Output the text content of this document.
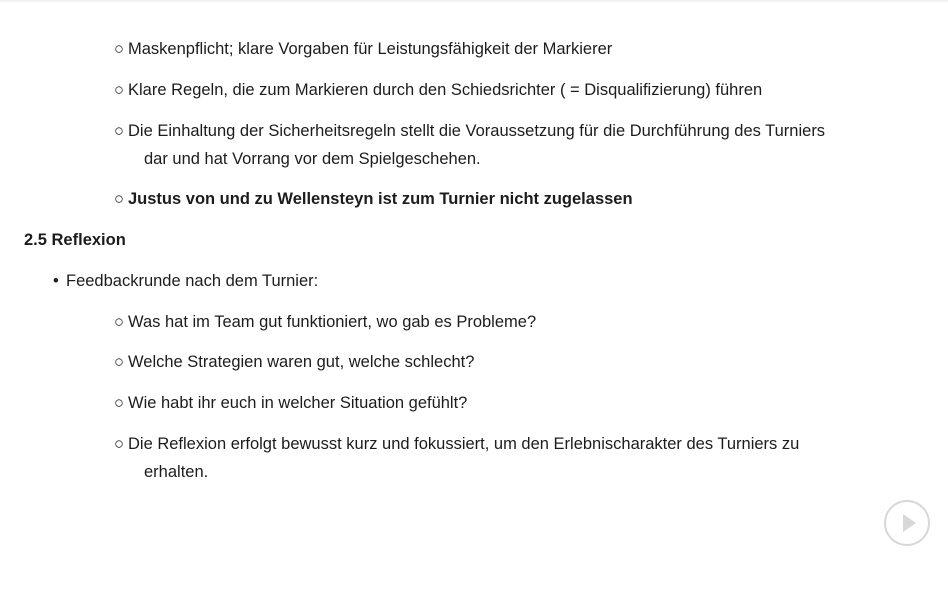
○ Maskenpflicht; klare Vorgaben für Leistungsfähigkeit der Markierer
○ Klare Regeln, die zum Markieren durch den Schiedsrichter ( = Disqualifizierung) führen
○ Die Einhaltung der Sicherheitsregeln stellt die Voraussetzung für die Durchführung des Turniers
dar und hat Vorrang vor dem Spielgeschehen.
○ Justus von und zu Wellensteyn ist zum Turnier nicht zugelassen
2.5 Reflexion
• Feedbackrunde nach dem Turnier:
○ Was hat im Team gut funktioniert, wo gab es Probleme?
○ Welche Strategien waren gut, welche schlecht?
○ Wie habt ihr euch in welcher Situation gefühlt?
○ Die Reflexion erfolgt bewusst kurz und fokussiert, um den Erlebnischarakter des Turniers zu
erhalten.
